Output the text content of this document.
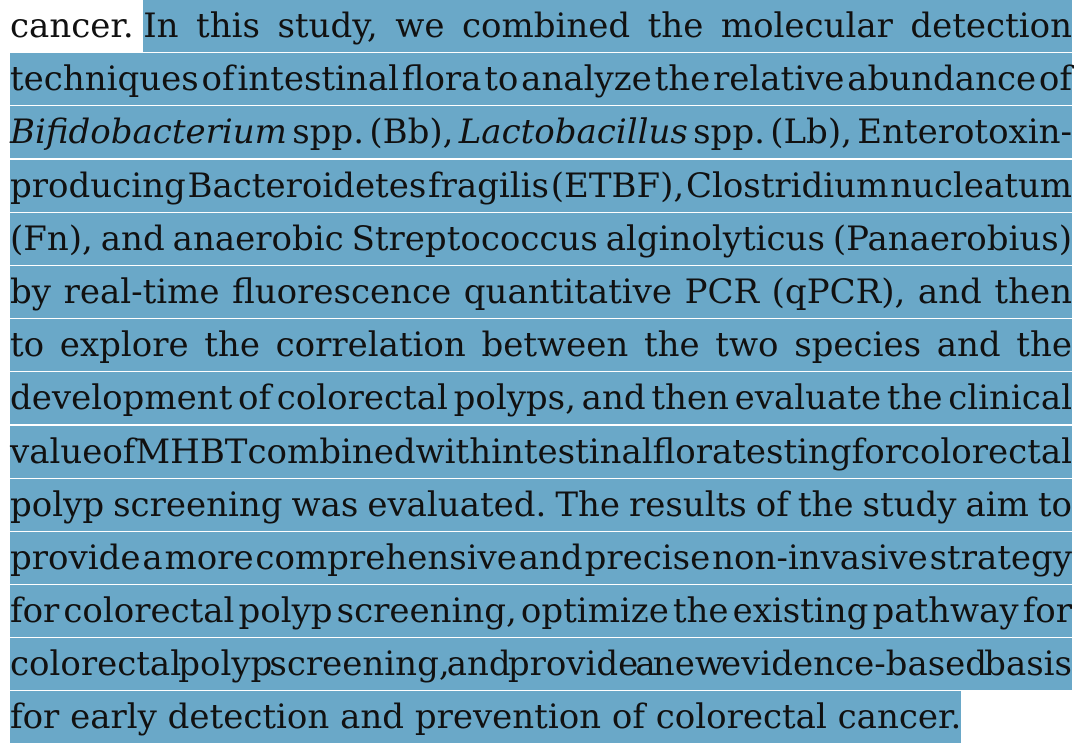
cancer. In this study, we combined the molecular detection
techniques of intestinal flora to analyze the relative abundance of
Bifidobacterium spp. (Bb), Lactobacillus spp. (Lb), Enterotoxin-
producing Bacteroidetes fragilis (ETBF), Clostridium nucleatum
(Fn), and anaerobic Streptococcus alginolyticus (Panaerobius)
by real-time fluorescence quantitative PCR (qPCR), and then
to explore the correlation between the two species and the
development of colorectal polyps, and then evaluate the clinical
value of MHBT combined with intestinal flora testing for colorectal
polyp screening was evaluated. The results of the study aim to
provide a more comprehensive and precise non-invasive strategy
for colorectal polyp screening, optimize the existing pathway for
colorectal polyp screening, and provide a new evidence-based basis
for early detection and prevention of colorectal cancer.
